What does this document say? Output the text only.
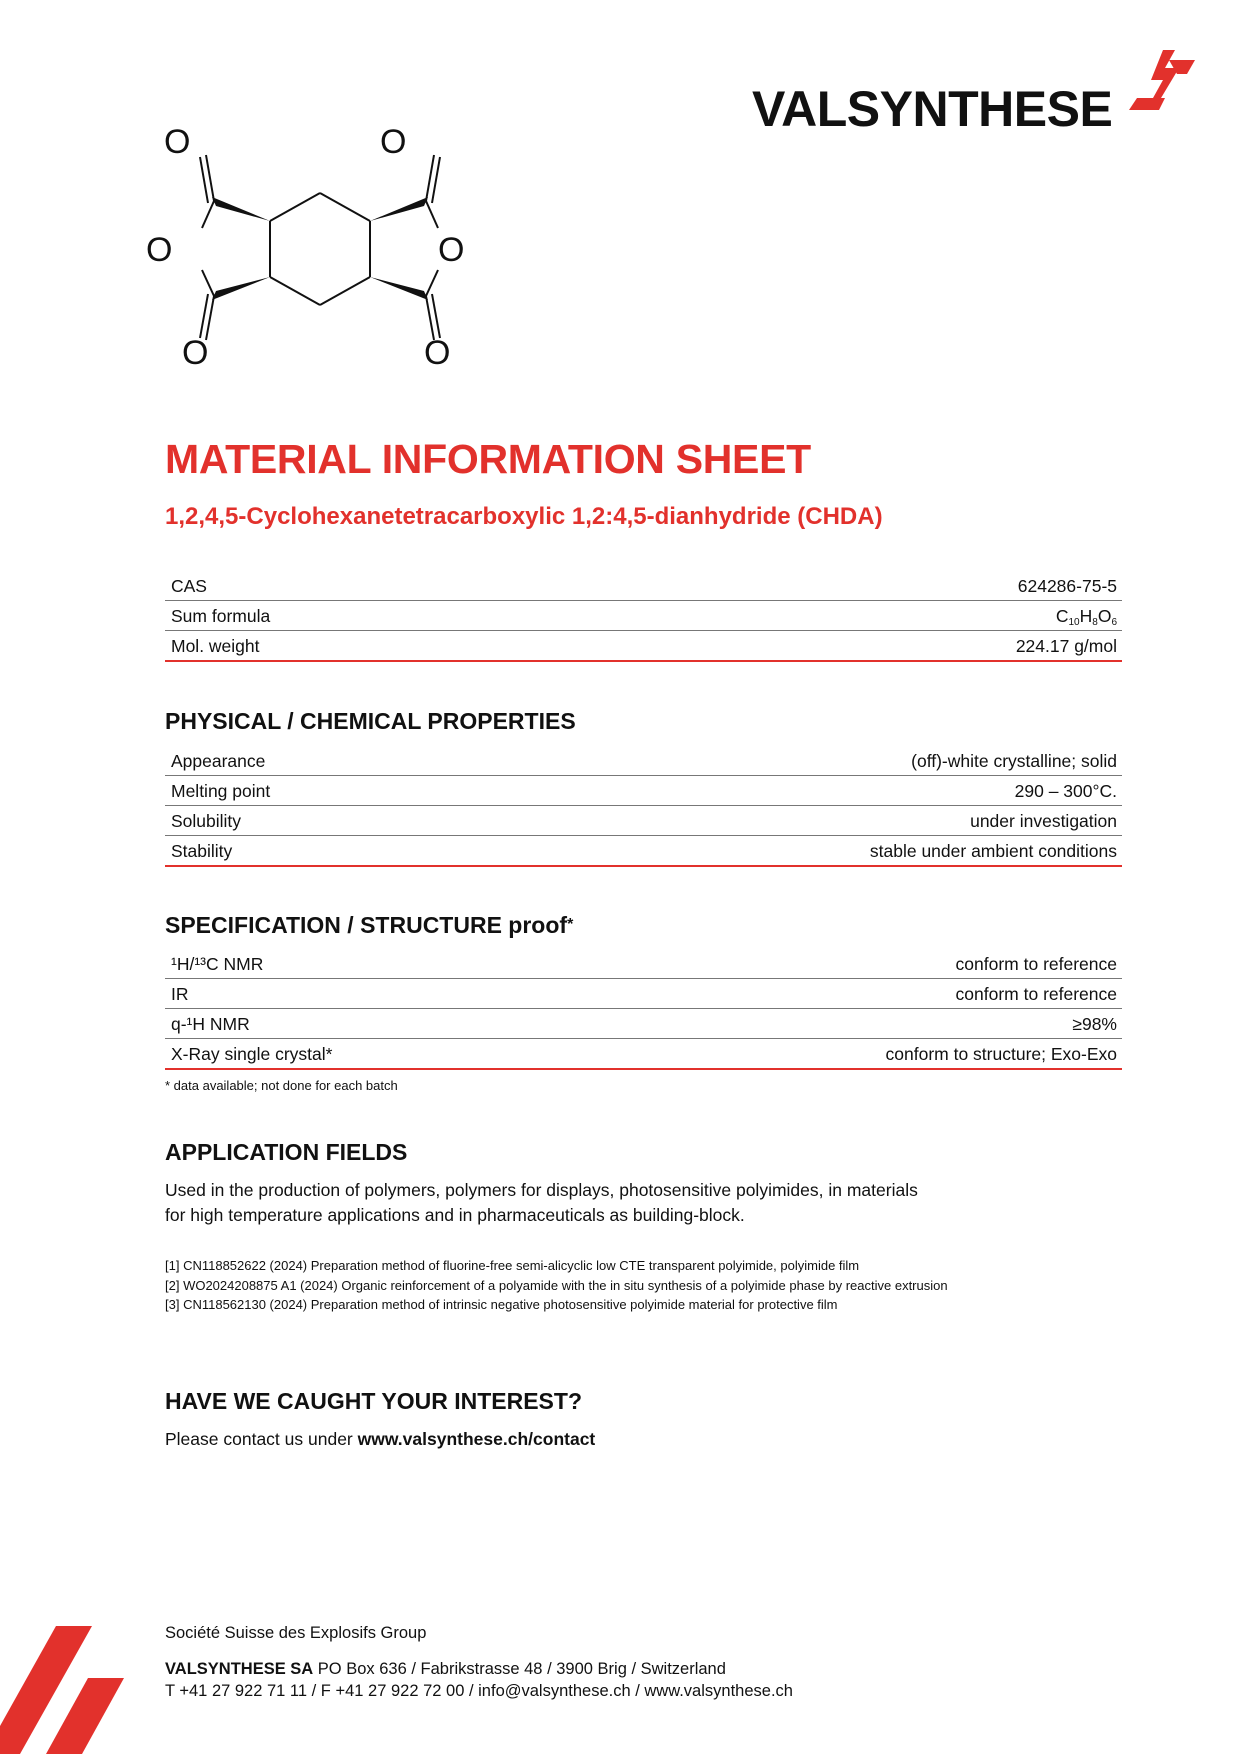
VALSYNTHESE
O	O
O	O
O	O
MATERIAL INFORMATION SHEET
1,2,4,5-Cyclohexanetetracarboxylic 1,2:4,5-dianhydride (CHDA)
CAS	624286-75-5
Sum formula	$C_{10}H_8O_6$
Mol. weight	224.17 g/mol
PHYSICAL / CHEMICAL PROPERTIES
Appearance	(off)-white crystalline; solid
Melting point	290 – 300°C.
Solubility	under investigation
Stability	stable under ambient conditions
SPECIFICATION / STRUCTURE proof*
¹H/¹³C NMR	conform to reference
IR	conform to reference
q-¹H NMR	≥98%
X-Ray single crystal*	conform to structure; Exo-Exo
* data available; not done for each batch
APPLICATION FIELDS
Used in the production of polymers, polymers for displays, photosensitive polyimides, in materials
for high temperature applications and in pharmaceuticals as building-block.
[1] CN118852622 (2024) Preparation method of fluorine-free semi-alicyclic low CTE transparent polyimide, polyimide film
[2] WO2024208875 A1 (2024) Organic reinforcement of a polyamide with the in situ synthesis of a polyimide phase by reactive extrusion
[3] CN118562130 (2024) Preparation method of intrinsic negative photosensitive polyimide material for protective film
HAVE WE CAUGHT YOUR INTEREST?
Please contact us under www.valsynthese.ch/contact
Société Suisse des Explosifs Group
VALSYNTHESE SA PO Box 636 / Fabrikstrasse 48 / 3900 Brig / Switzerland
T +41 27 922 71 11 / F +41 27 922 72 00 / info@valsynthese.ch / www.valsynthese.ch
